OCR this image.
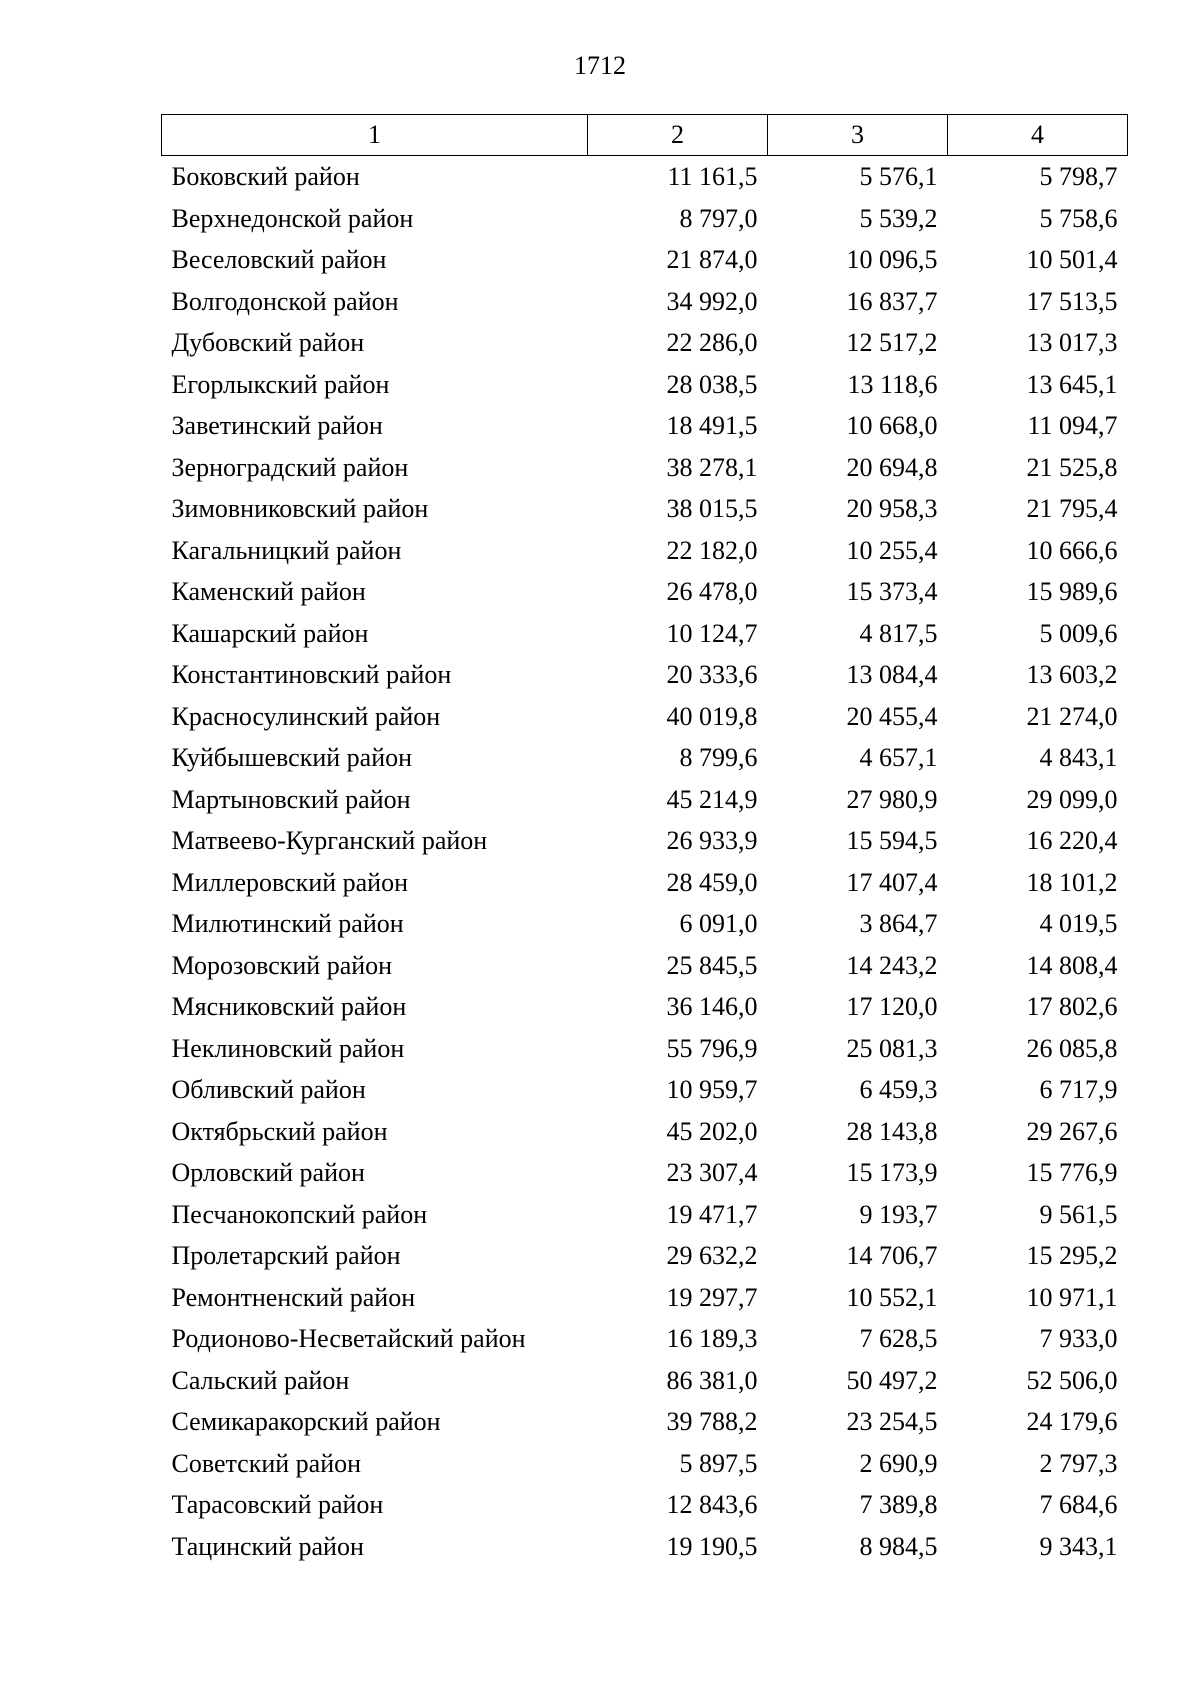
1712
1	2	3	4
Боковский район	11 161,5	5 576,1	5 798,7
Верхнедонской район	8 797,0	5 539,2	5 758,6
Веселовский район	21 874,0	10 096,5	10 501,4
Волгодонской район	34 992,0	16 837,7	17 513,5
Дубовский район	22 286,0	12 517,2	13 017,3
Егорлыкский район	28 038,5	13 118,6	13 645,1
Заветинский район	18 491,5	10 668,0	11 094,7
Зерноградский район	38 278,1	20 694,8	21 525,8
Зимовниковский район	38 015,5	20 958,3	21 795,4
Кагальницкий район	22 182,0	10 255,4	10 666,6
Каменский район	26 478,0	15 373,4	15 989,6
Кашарский район	10 124,7	4 817,5	5 009,6
Константиновский район	20 333,6	13 084,4	13 603,2
Красносулинский район	40 019,8	20 455,4	21 274,0
Куйбышевский район	8 799,6	4 657,1	4 843,1
Мартыновский район	45 214,9	27 980,9	29 099,0
Матвеево-Курганский район	26 933,9	15 594,5	16 220,4
Миллеровский район	28 459,0	17 407,4	18 101,2
Милютинский район	6 091,0	3 864,7	4 019,5
Морозовский район	25 845,5	14 243,2	14 808,4
Мясниковский район	36 146,0	17 120,0	17 802,6
Неклиновский район	55 796,9	25 081,3	26 085,8
Обливский район	10 959,7	6 459,3	6 717,9
Октябрьский район	45 202,0	28 143,8	29 267,6
Орловский район	23 307,4	15 173,9	15 776,9
Песчанокопский район	19 471,7	9 193,7	9 561,5
Пролетарский район	29 632,2	14 706,7	15 295,2
Ремонтненский район	19 297,7	10 552,1	10 971,1
Родионово-Несветайский район	16 189,3	7 628,5	7 933,0
Сальский район	86 381,0	50 497,2	52 506,0
Семикаракорский район	39 788,2	23 254,5	24 179,6
Советский район	5 897,5	2 690,9	2 797,3
Тарасовский район	12 843,6	7 389,8	7 684,6
Тацинский район	19 190,5	8 984,5	9 343,1
